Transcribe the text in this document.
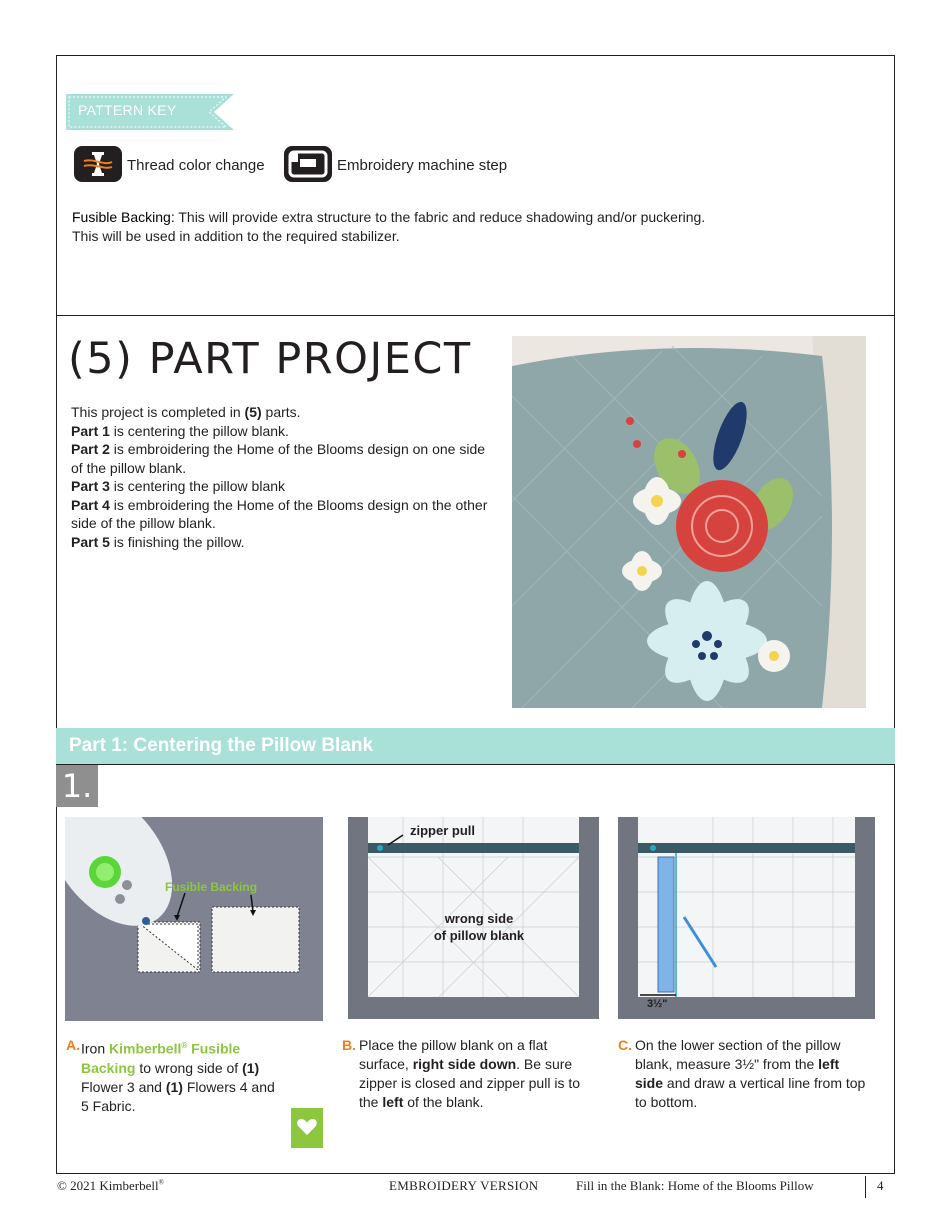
PATTERN KEY
Thread color change	Embroidery machine step
Fusible Backing: This will provide extra structure to the fabric and reduce shadowing and/or puckering.
This will be used in addition to the required stabilizer.
(5) PART PROJECT

This project is completed in (5) parts.

Part 1 is centering the pillow blank.

Part 2 is embroidering the Home of the Blooms design on one side of the pillow blank.

Part 3 is centering the pillow blank

Part 4 is embroidering the Home of the Blooms design on the other side of the pillow blank.

Part 5 is finishing the pillow.

Part 1: Centering the Pillow Blank
1.
Fusible Backing
zipper pull
wrong side
of pillow blank
3½"
A. Iron Kimberbell® Fusible Backing to wrong side of (1) Flower 3 and (1) Flowers 4 and 5 Fabric.
B. Place the pillow blank on a flat surface, right side down. Be sure zipper is closed and zipper pull is to the left of the blank.
C. On the lower section of the pillow blank, measure 3½" from the left side and draw a vertical line from top to bottom.
© 2021 Kimberbell®	EMBROIDERY VERSION	Fill in the Blank: Home of the Blooms Pillow	4
